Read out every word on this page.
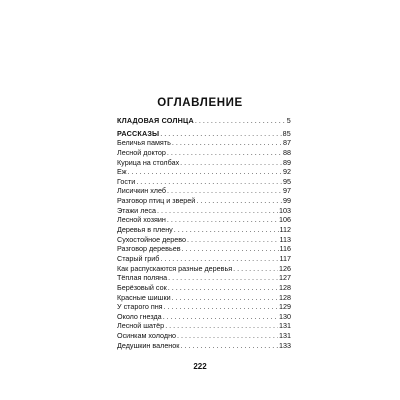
ОГЛАВЛЕНИЕ
КЛАДОВАЯ СОЛНЦА . . .	5
РАССКАЗЫ . . .	85
Беличья память . . .	87
Лесной доктор . . .	88
Курица на столбах . . .	89
Еж . . .	92
Гости . . .	95
Лисичкин хлеб . . .	97
Разговор птиц и зверей . . .	99
Этажи леса . . .	103
Лесной хозяин . . .	106
Деревья в плену . . .	112
Сухостойное дерево . . .	113
Разговор деревьев . . .	116
Старый гриб . . .	117
Как распускаются разные деревья . . .	126
Тёплая поляна . . .	127
Берёзовый сок . . .	128
Красные шишки . . .	128
У старого пня . . .	129
Около гнезда . . .	130
Лесной шатёр . . .	131
Осинкам холодно . . .	131
Дедушкин валенок . . .	133
222
